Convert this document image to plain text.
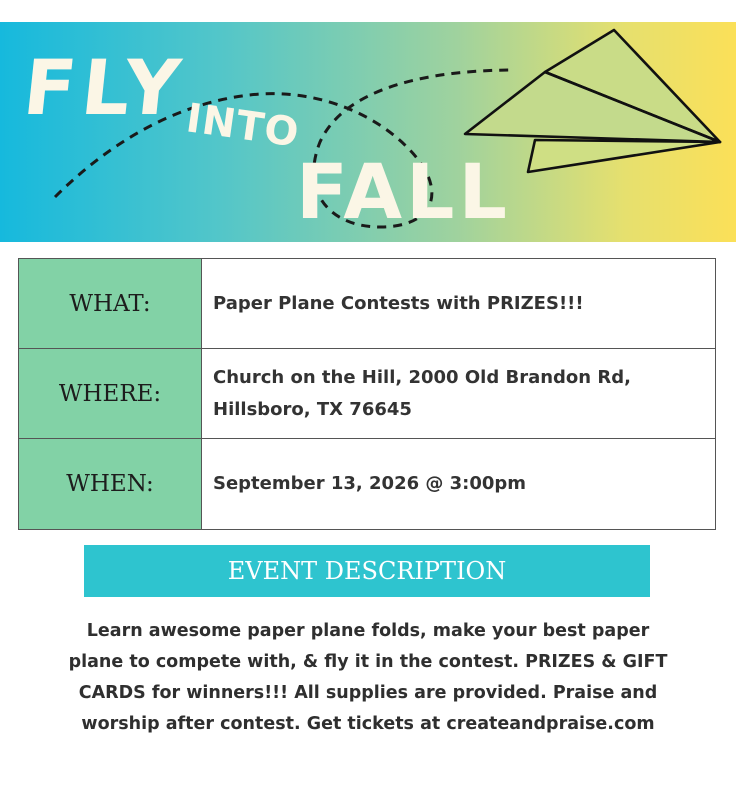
FLY
INTO
FALL
WHAT:	Paper Plane Contests with PRIZES!!!
WHERE:
Church on the Hill, 2000 Old Brandon Rd, Hillsboro, TX 76645
WHEN:	September 13, 2026 @ 3:00pm
EVENT DESCRIPTION
Learn awesome paper plane folds, make your best paper plane to compete with, & fly it in the contest. PRIZES & GIFT CARDS for winners!!! All supplies are provided. Praise and worship after contest. Get tickets at createandpraise.com
